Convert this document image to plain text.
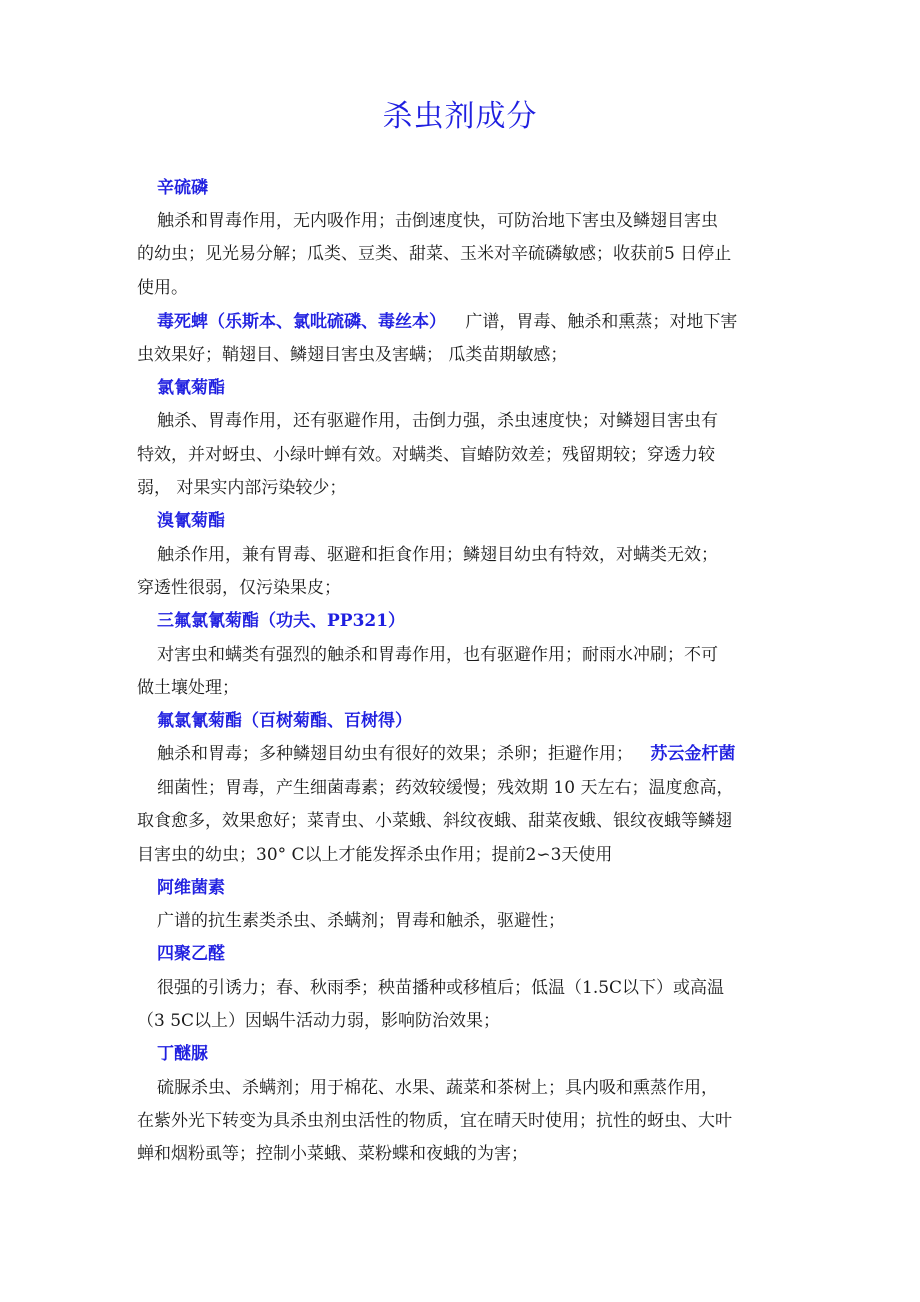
杀虫剂成分
辛硫磷
触杀和胃毒作用，无内吸作用；击倒速度快，可防治地下害虫及鳞翅目害虫
的幼虫；见光易分解；瓜类、豆类、甜菜、玉米对辛硫磷敏感；收获前5 日停止
使用。
毒死蜱（乐斯本、氯吡硫磷、毒丝本） 广谱，胃毒、触杀和熏蒸；对地下害
虫效果好；鞘翅目、鳞翅目害虫及害螨； 瓜类苗期敏感；
氯氰菊酯
触杀、胃毒作用，还有驱避作用，击倒力强，杀虫速度快；对鳞翅目害虫有
特效，并对蚜虫、小绿叶蝉有效。对螨类、盲蝽防效差；残留期较；穿透力较
弱， 对果实内部污染较少；
溴氰菊酯
触杀作用，兼有胃毒、驱避和拒食作用；鳞翅目幼虫有特效，对螨类无效；
穿透性很弱，仅污染果皮；
三氟氯氰菊酯（功夫、PP321）
对害虫和螨类有强烈的触杀和胃毒作用，也有驱避作用；耐雨水冲刷；不可
做土壤处理；
氟氯氰菊酯（百树菊酯、百树得）
触杀和胃毒；多种鳞翅目幼虫有很好的效果；杀卵；拒避作用； 苏云金杆菌
细菌性；胃毒，产生细菌毒素；药效较缓慢；残效期 10 天左右；温度愈高，
取食愈多，效果愈好；菜青虫、小菜蛾、斜纹夜蛾、甜菜夜蛾、银纹夜蛾等鳞翅
目害虫的幼虫；30° C以上才能发挥杀虫作用；提前2∽3天使用
阿维菌素
广谱的抗生素类杀虫、杀螨剂；胃毒和触杀，驱避性；
四聚乙醛
很强的引诱力；春、秋雨季；秧苗播种或移植后；低温（1.5C以下）或高温
（3 5C以上）因蜗牛活动力弱，影响防治效果；
丁醚脲
硫脲杀虫、杀螨剂；用于棉花、水果、蔬菜和茶树上；具内吸和熏蒸作用，
在紫外光下转变为具杀虫剂虫活性的物质，宜在晴天时使用；抗性的蚜虫、大叶
蝉和烟粉虱等；控制小菜蛾、菜粉蝶和夜蛾的为害；
